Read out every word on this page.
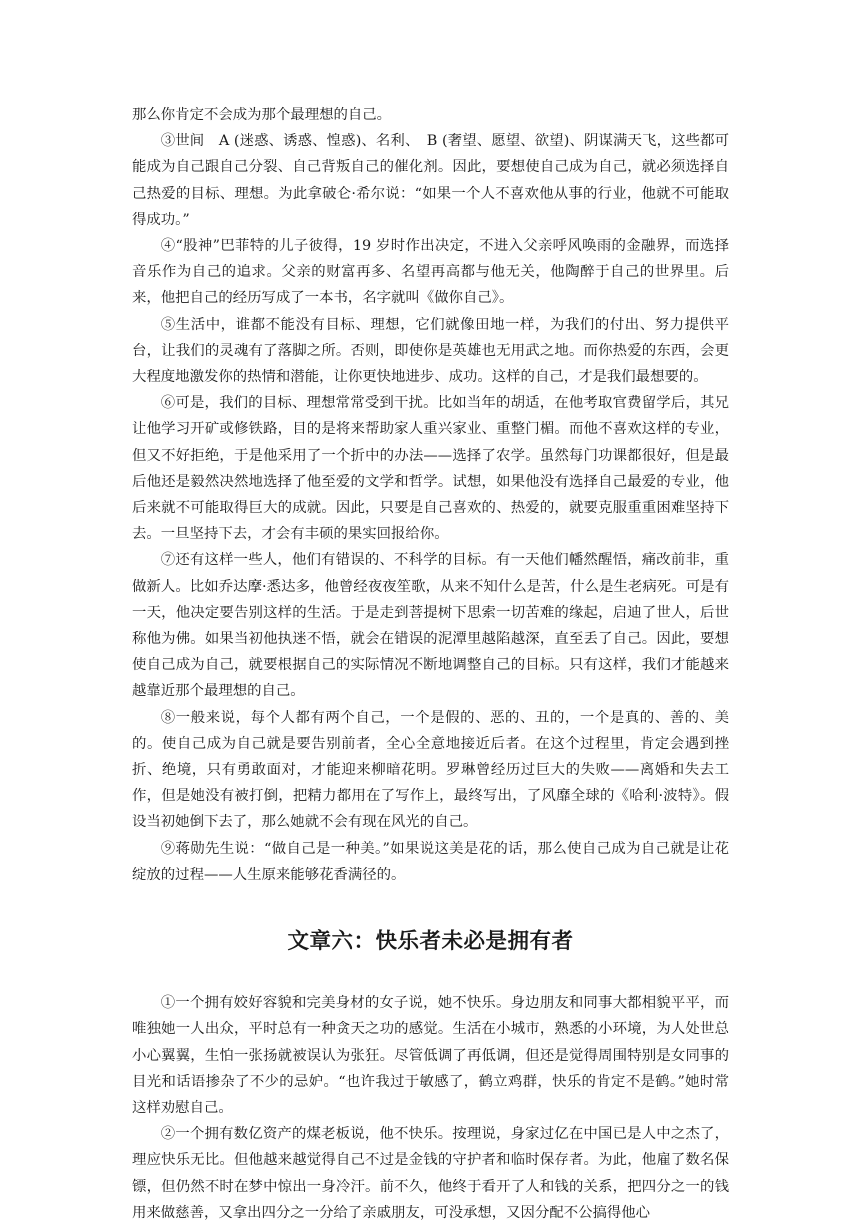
那么你肯定不会成为那个最理想的自己。

③世间　A (迷惑、诱惑、惶惑)、名利、　B (奢望、愿望、欲望)、阴谋满天飞，这些都可能成为自己跟自己分裂、自己背叛自己的催化剂。因此，要想使自己成为自己，就必须选择自己热爱的目标、理想。为此拿破仑·希尔说：“如果一个人不喜欢他从事的行业，他就不可能取得成功。”

④“股神”巴菲特的儿子彼得，19 岁时作出决定，不进入父亲呼风唤雨的金融界，而选择音乐作为自己的追求。父亲的财富再多、名望再高都与他无关，他陶醉于自己的世界里。后来，他把自己的经历写成了一本书，名字就叫《做你自己》。

⑤生活中，谁都不能没有目标、理想，它们就像田地一样，为我们的付出、努力提供平台，让我们的灵魂有了落脚之所。否则，即使你是英雄也无用武之地。而你热爱的东西，会更大程度地激发你的热情和潜能，让你更快地进步、成功。这样的自己，才是我们最想要的。

⑥可是，我们的目标、理想常常受到干扰。比如当年的胡适，在他考取官费留学后，其兄让他学习开矿或修铁路，目的是将来帮助家人重兴家业、重整门楣。而他不喜欢这样的专业，但又不好拒绝，于是他采用了一个折中的办法——选择了农学。虽然每门功课都很好，但是最后他还是毅然决然地选择了他至爱的文学和哲学。试想，如果他没有选择自己最爱的专业，他后来就不可能取得巨大的成就。因此，只要是自己喜欢的、热爱的，就要克服重重困难坚持下去。一旦坚持下去，才会有丰硕的果实回报给你。

⑦还有这样一些人，他们有错误的、不科学的目标。有一天他们幡然醒悟，痛改前非，重做新人。比如乔达摩·悉达多，他曾经夜夜笙歌，从来不知什么是苦，什么是生老病死。可是有一天，他决定要告别这样的生活。于是走到菩提树下思索一切苦难的缘起，启迪了世人，后世称他为佛。如果当初他执迷不悟，就会在错误的泥潭里越陷越深，直至丢了自己。因此，要想使自己成为自己，就要根据自己的实际情况不断地调整自己的目标。只有这样，我们才能越来越靠近那个最理想的自己。

⑧一般来说，每个人都有两个自己，一个是假的、恶的、丑的，一个是真的、善的、美的。使自己成为自己就是要告别前者，全心全意地接近后者。在这个过程里，肯定会遇到挫折、绝境，只有勇敢面对，才能迎来柳暗花明。罗琳曾经历过巨大的失败——离婚和失去工作，但是她没有被打倒，把精力都用在了写作上，最终写出，了风靡全球的《哈利·波特》。假设当初她倒下去了，那么她就不会有现在风光的自己。

⑨蒋勋先生说：“做自己是一种美。”如果说这美是花的话，那么使自己成为自己就是让花绽放的过程——人生原来能够花香满径的。

文章六：快乐者未必是拥有者

①一个拥有姣好容貌和完美身材的女子说，她不快乐。身边朋友和同事大都相貌平平，而唯独她一人出众，平时总有一种贪天之功的感觉。生活在小城市，熟悉的小环境，为人处世总小心翼翼，生怕一张扬就被误认为张狂。尽管低调了再低调，但还是觉得周围特别是女同事的目光和话语掺杂了不少的忌妒。“也许我过于敏感了，鹤立鸡群，快乐的肯定不是鹤。”她时常这样劝慰自己。

②一个拥有数亿资产的煤老板说，他不快乐。按理说，身家过亿在中国已是人中之杰了，理应快乐无比。但他越来越觉得自己不过是金钱的守护者和临时保存者。为此，他雇了数名保镖，但仍然不时在梦中惊出一身冷汗。前不久，他终于看开了人和钱的关系，把四分之一的钱用来做慈善，又拿出四分之一分给了亲戚朋友，可没承想，又因分配不公搞得他心
